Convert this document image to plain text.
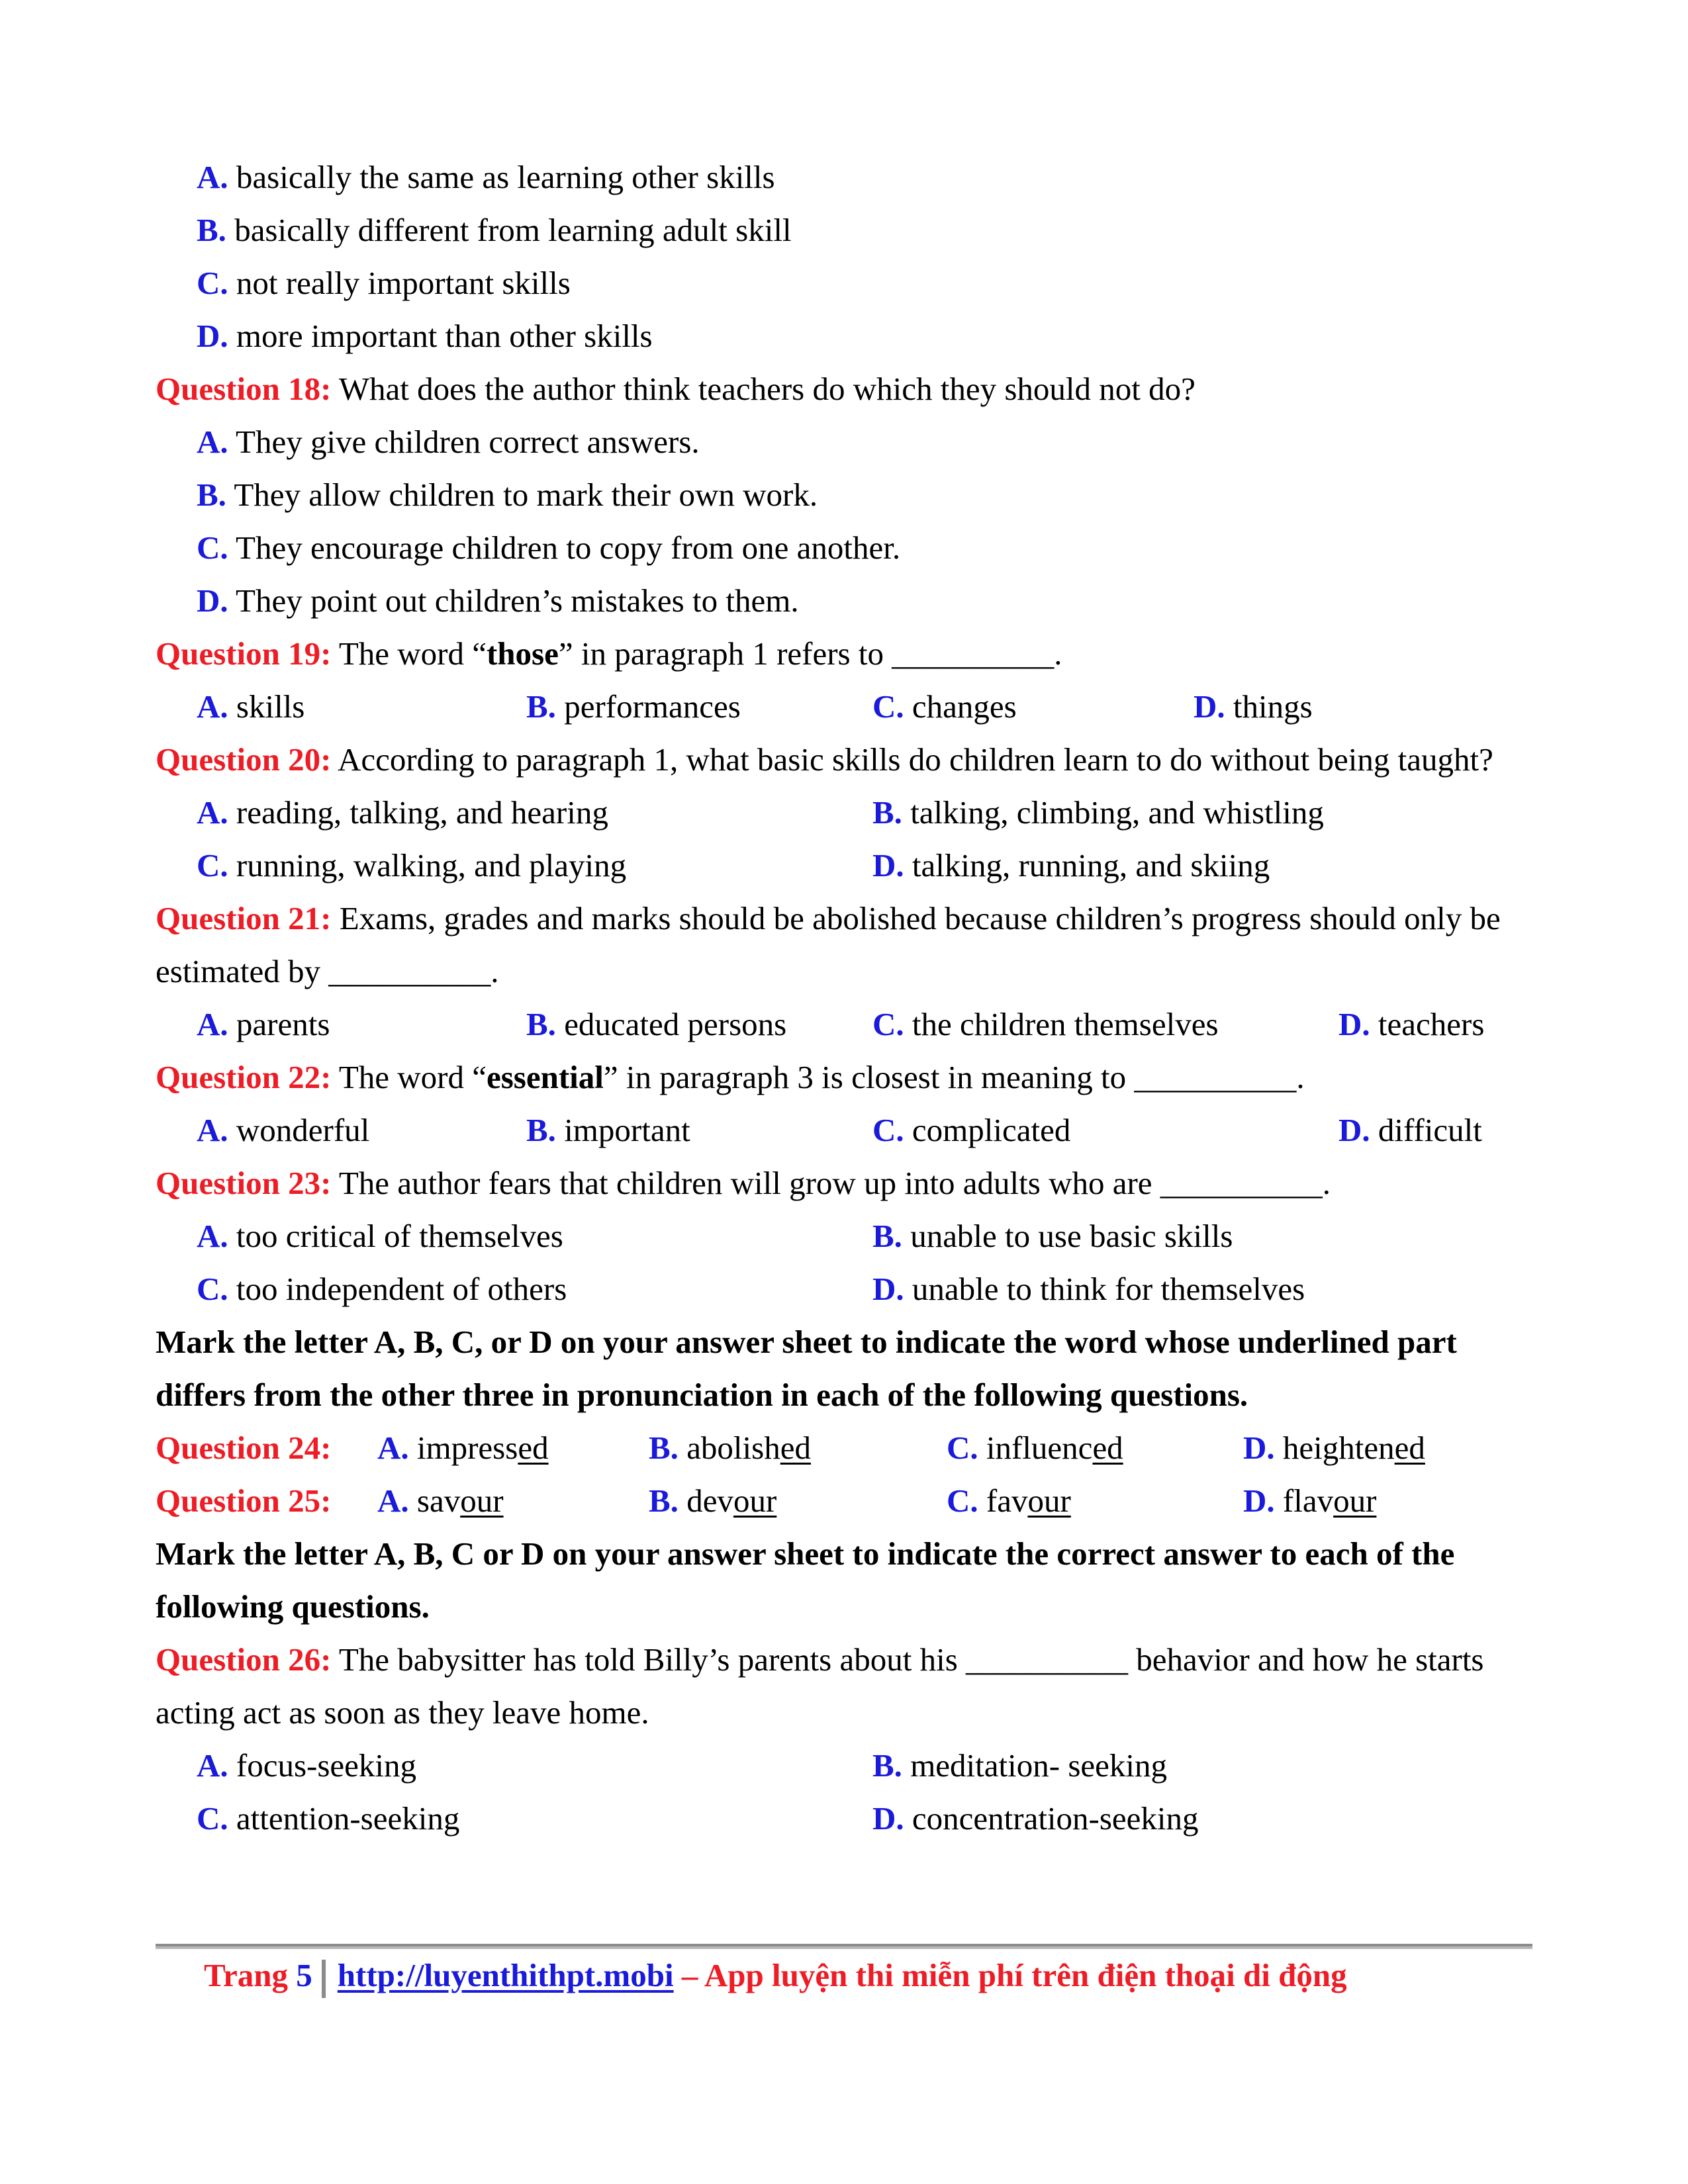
A. basically the same as learning other skills
B. basically different from learning adult skill
C. not really important skills
D. more important than other skills
Question 18: What does the author think teachers do which they should not do?
A. They give children correct answers.
B. They allow children to mark their own work.
C. They encourage children to copy from one another.
D. They point out children’s mistakes to them.
Question 19: The word “those” in paragraph 1 refers to __________.
A. skills	B. performances	C. changes	D. things
Question 20: According to paragraph 1, what basic skills do children learn to do without being taught?
A. reading, talking, and hearing	B. talking, climbing, and whistling
C. running, walking, and playing	D. talking, running, and skiing
Question 21: Exams, grades and marks should be abolished because children’s progress should only be estimated by __________.
A. parents	B. educated persons	C. the children themselves	D. teachers
Question 22: The word “essential” in paragraph 3 is closest in meaning to __________.
A. wonderful	B. important	C. complicated	D. difficult
Question 23: The author fears that children will grow up into adults who are __________.
A. too critical of themselves	B. unable to use basic skills
C. too independent of others	D. unable to think for themselves
Mark the letter A, B, C, or D on your answer sheet to indicate the word whose underlined part differs from the other three in pronunciation in each of the following questions.
Question 24: A. impressed	B. abolished	C. influenced	D. heightened
Question 25: A. savour	B. devour	C. favour	D. flavour
Mark the letter A, B, C or D on your answer sheet to indicate the correct answer to each of the following questions.
Question 26: The babysitter has told Billy’s parents about his __________ behavior and how he starts acting act as soon as they leave home.
A. focus-seeking	B. meditation- seeking
C. attention-seeking	D. concentration-seeking
Trang 5 http://luyenthithpt.mobi – App luyện thi miễn phí trên điện thoại di động
